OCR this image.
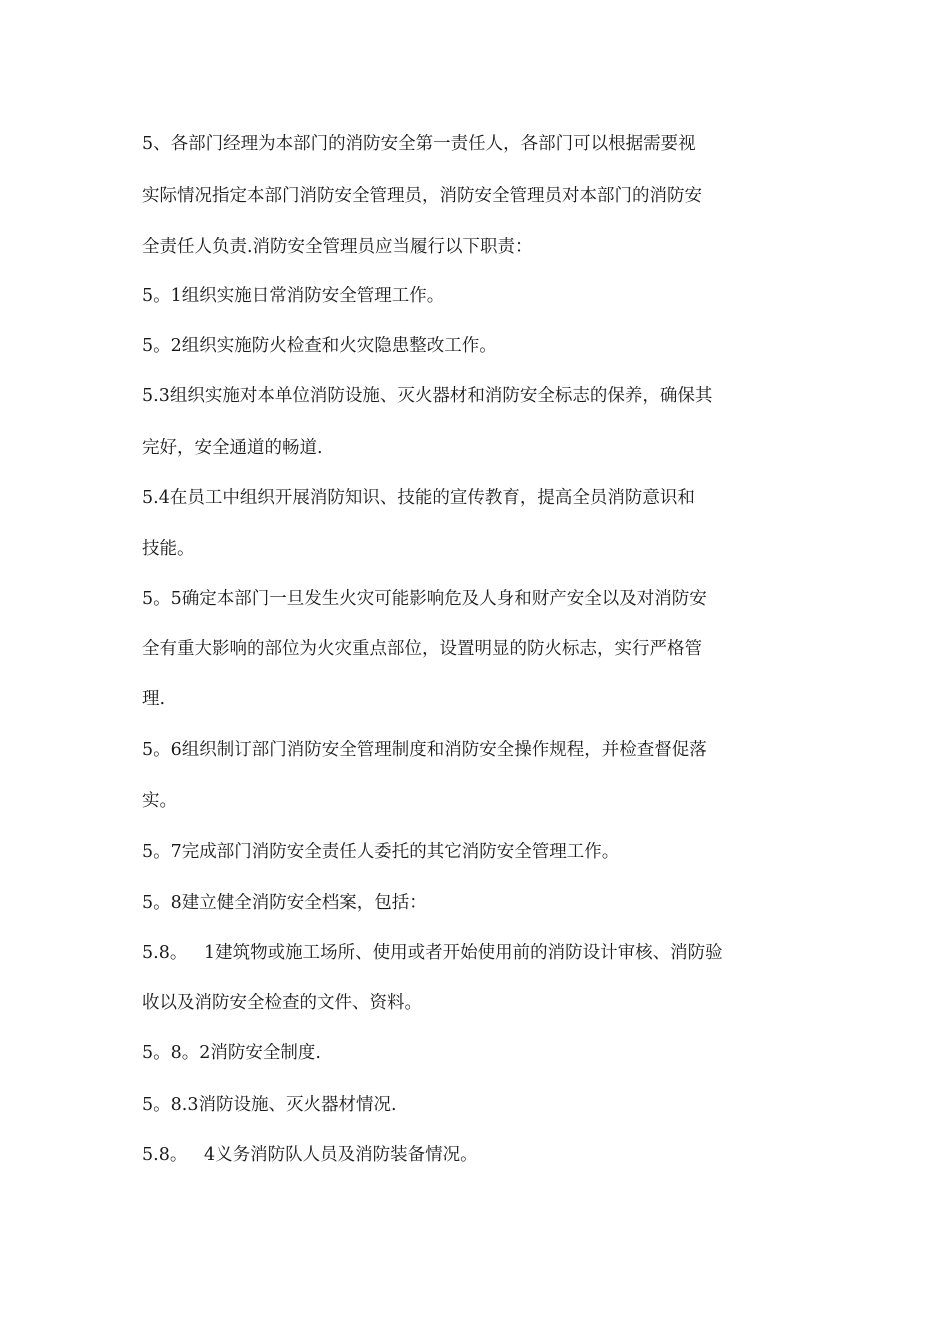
5、各部门经理为本部门的消防安全第一责任人，各部门可以根据需要视
实际情况指定本部门消防安全管理员，消防安全管理员对本部门的消防安
全责任人负责.消防安全管理员应当履行以下职责：
5。1组织实施日常消防安全管理工作。
5。2组织实施防火检查和火灾隐患整改工作。
5.3组织实施对本单位消防设施、灭火器材和消防安全标志的保养，确保其
完好，安全通道的畅道.
5.4在员工中组织开展消防知识、技能的宣传教育，提高全员消防意识和
技能。
5。5确定本部门一旦发生火灾可能影响危及人身和财产安全以及对消防安
全有重大影响的部位为火灾重点部位，设置明显的防火标志，实行严格管
理.
5。6组织制订部门消防安全管理制度和消防安全操作规程，并检查督促落
实。
5。7完成部门消防安全责任人委托的其它消防安全管理工作。
5。8建立健全消防安全档案，包括：
5.8。   1建筑物或施工场所、使用或者开始使用前的消防设计审核、消防验
收以及消防安全检查的文件、资料。
5。8。2消防安全制度.
5。8.3消防设施、灭火器材情况.
5.8。   4义务消防队人员及消防装备情况。
